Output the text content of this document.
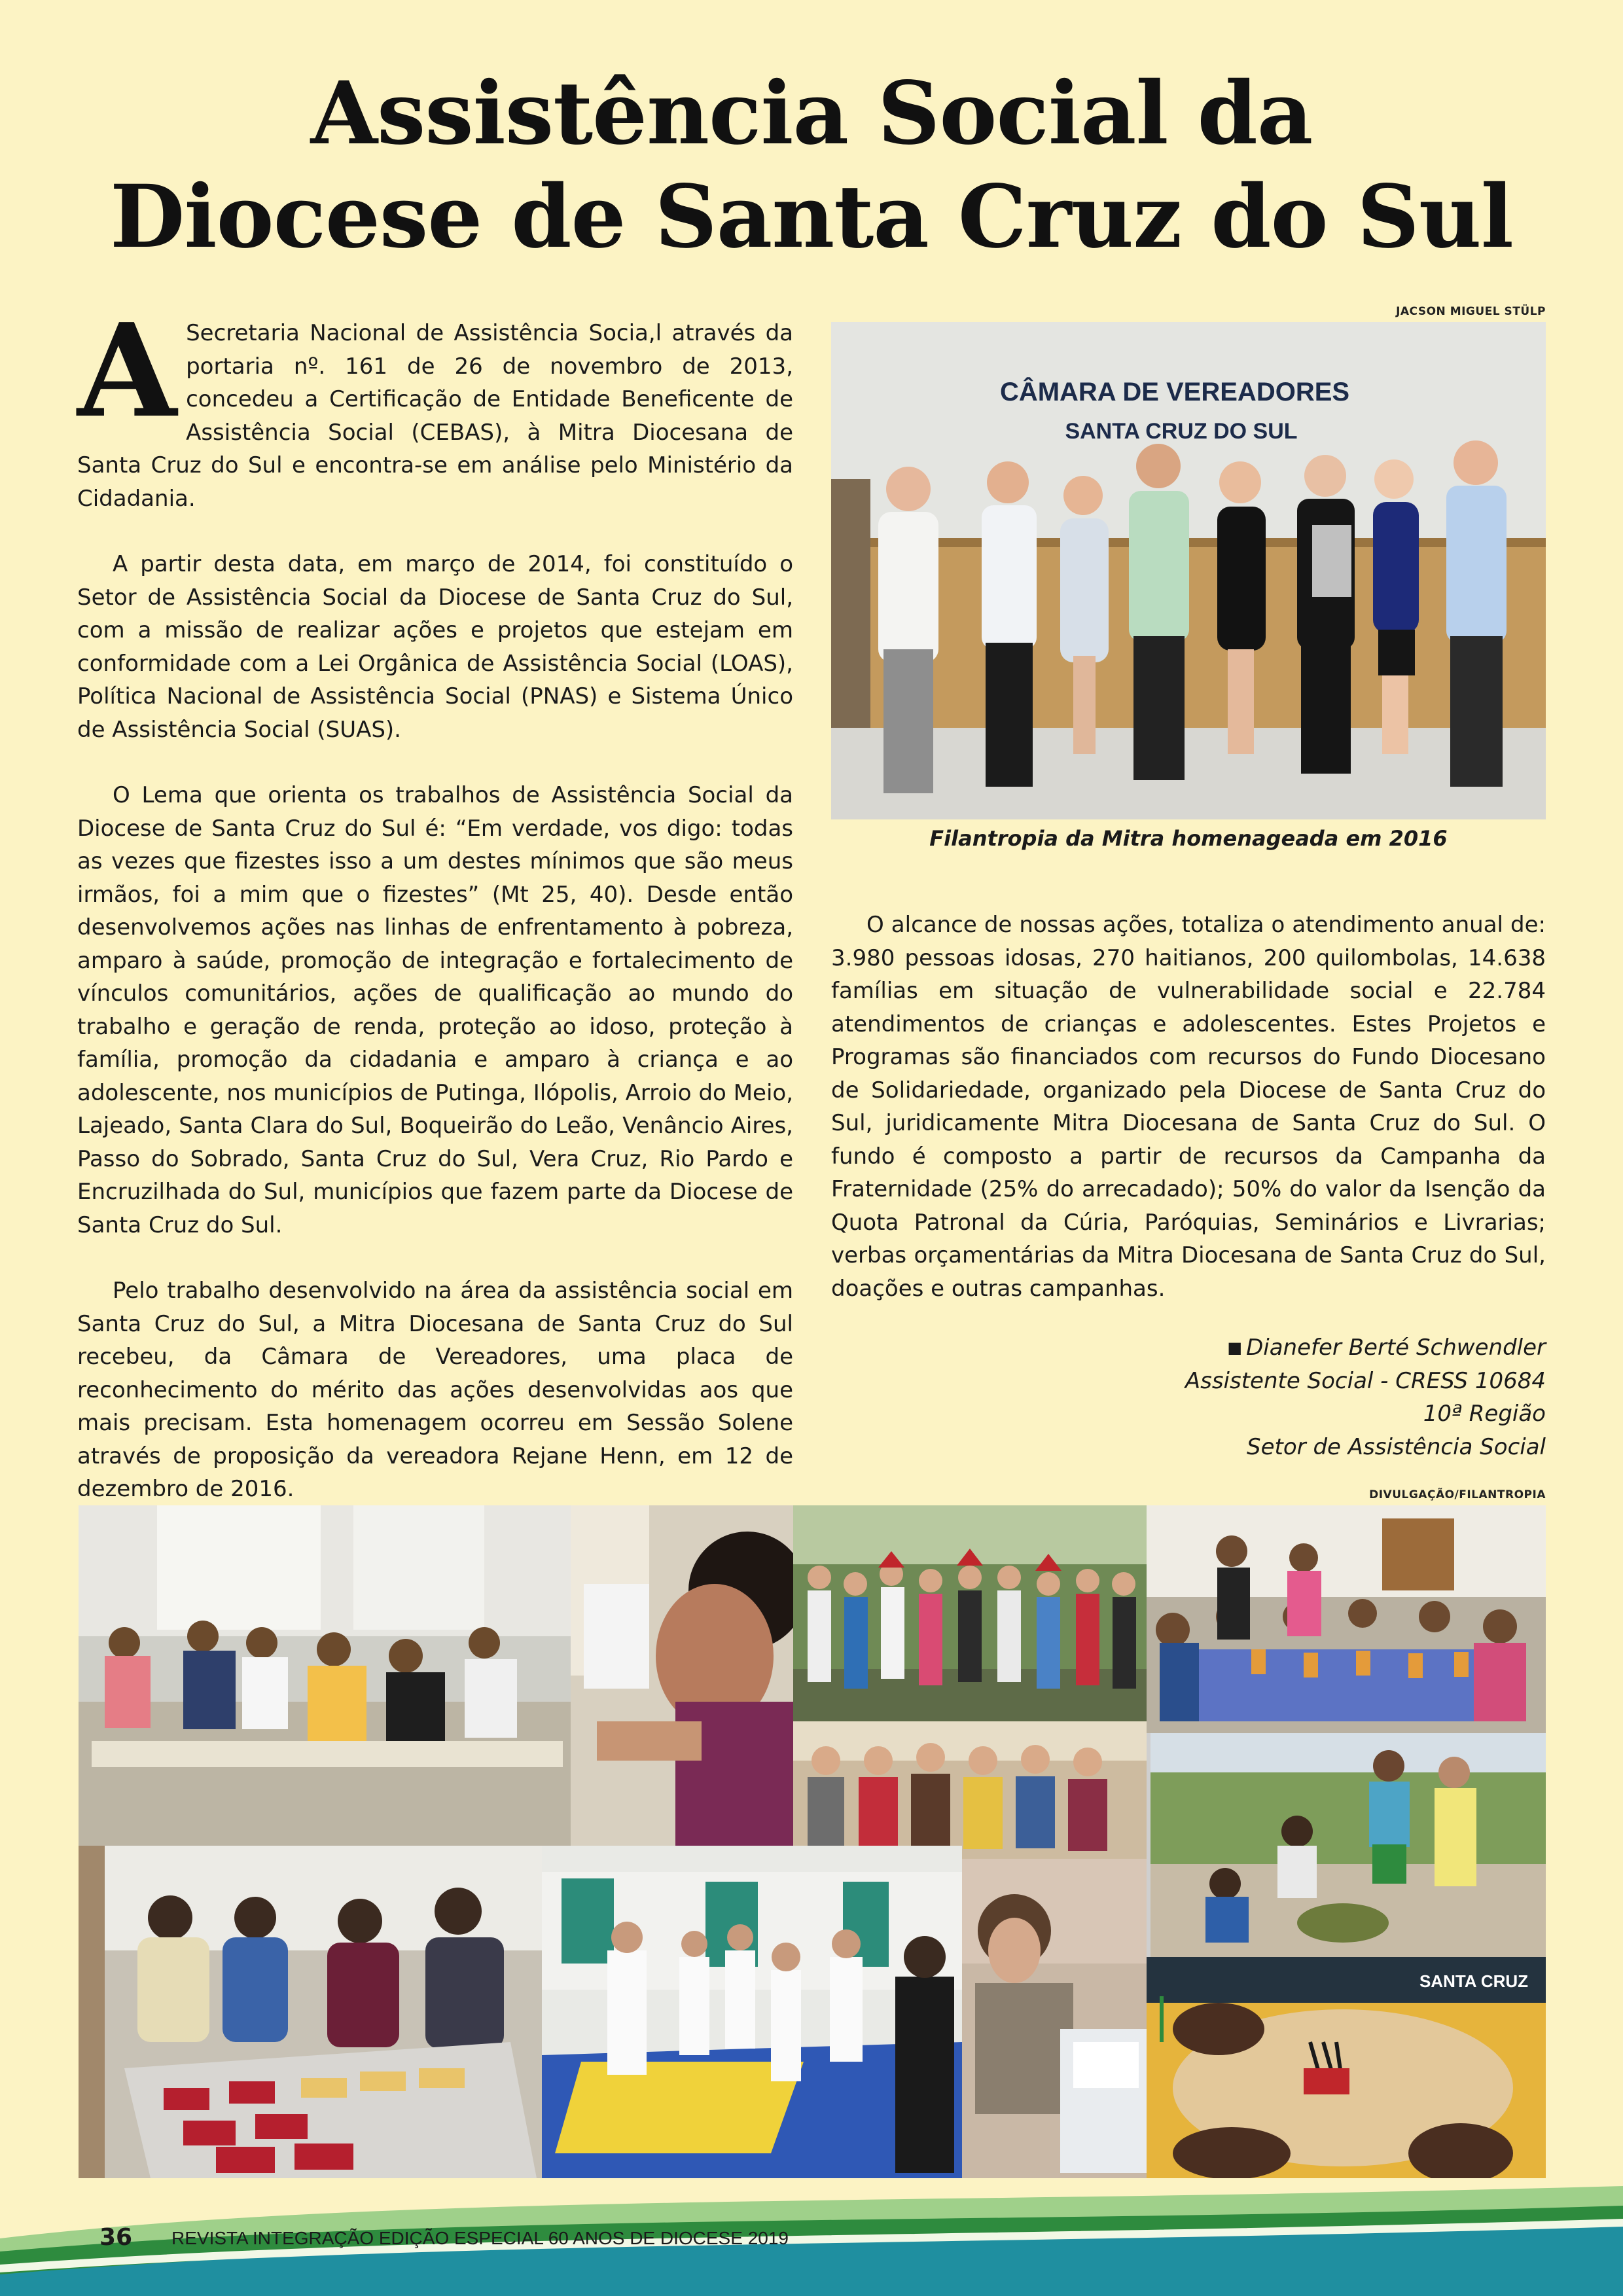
Assistência Social da
Diocese de Santa Cruz do Sul

A Secretaria Nacional de Assistência Socia,l através da portaria nº. 161 de 26 de novembro de 2013, concedeu a Certificação de Entidade Beneficente de Assistência Social (CEBAS), à Mitra Diocesana de Santa Cruz do Sul e encontra-se em análise pelo Ministério da Cidadania.

A partir desta data, em março de 2014, foi constituído o Setor de Assistência Social da Diocese de Santa Cruz do Sul, com a missão de realizar ações e projetos que estejam em conformidade com a Lei Orgânica de Assistência Social (LOAS), Política Nacional de Assistência Social (PNAS) e Sistema Único de Assistência Social (SUAS).

O Lema que orienta os trabalhos de Assistência Social da Diocese de Santa Cruz do Sul é: “Em verdade, vos digo: todas as vezes que fizestes isso a um destes mínimos que são meus irmãos, foi a mim que o fizestes” (Mt 25, 40). Desde então desenvolvemos ações nas linhas de enfrentamento à pobreza, amparo à saúde, promoção de integração e fortalecimento de vínculos comunitários, ações de qualificação ao mundo do trabalho e geração de renda, proteção ao idoso, proteção à família, promoção da cidadania e amparo à criança e ao adolescente, nos municípios de Putinga, Ilópolis, Arroio do Meio, Lajeado, Santa Clara do Sul, Boqueirão do Leão, Venâncio Aires, Passo do Sobrado, Santa Cruz do Sul, Vera Cruz, Rio Pardo e Encruzilhada do Sul, municípios que fazem parte da Diocese de Santa Cruz do Sul.

Pelo trabalho desenvolvido na área da assistência social em Santa Cruz do Sul, a Mitra Diocesana de Santa Cruz do Sul recebeu, da Câmara de Vereadores, uma placa de reconhecimento do mérito das ações desenvolvidas aos que mais precisam. Esta homenagem ocorreu em Sessão Solene através de proposição da vereadora Rejane Henn, em 12 de dezembro de 2016.

JACSON MIGUEL STÜLP
CÂMARA DE VEREADORES
SANTA CRUZ DO SUL
Filantropia da Mitra homenageada em 2016

O alcance de nossas ações, totaliza o atendimento anual de: 3.980 pessoas idosas, 270 haitianos, 200 quilombolas, 14.638 famílias em situação de vulnerabilidade social e 22.784 atendimentos de crianças e adolescentes. Estes Projetos e Programas são financiados com recursos do Fundo Diocesano de Solidariedade, organizado pela Diocese de Santa Cruz do Sul, juridicamente Mitra Diocesana de Santa Cruz do Sul. O fundo é composto a partir de recursos da Campanha da Fraternidade (25% do arrecadado); 50% do valor da Isenção da Quota Patronal da Cúria, Paróquias, Seminários e Livrarias; verbas orçamentárias da Mitra Diocesana de Santa Cruz do Sul, doações e outras campanhas.

■ Dianefer Berté Schwendler
Assistente Social - CRESS 10684
10ª Região
Setor de Assistência Social
DIVULGAÇÃO/FILANTROPIA
SANTA CRUZ
36 REVISTA INTEGRAÇÃO EDIÇÃO ESPECIAL 60 ANOS DE DIOCESE 2019
